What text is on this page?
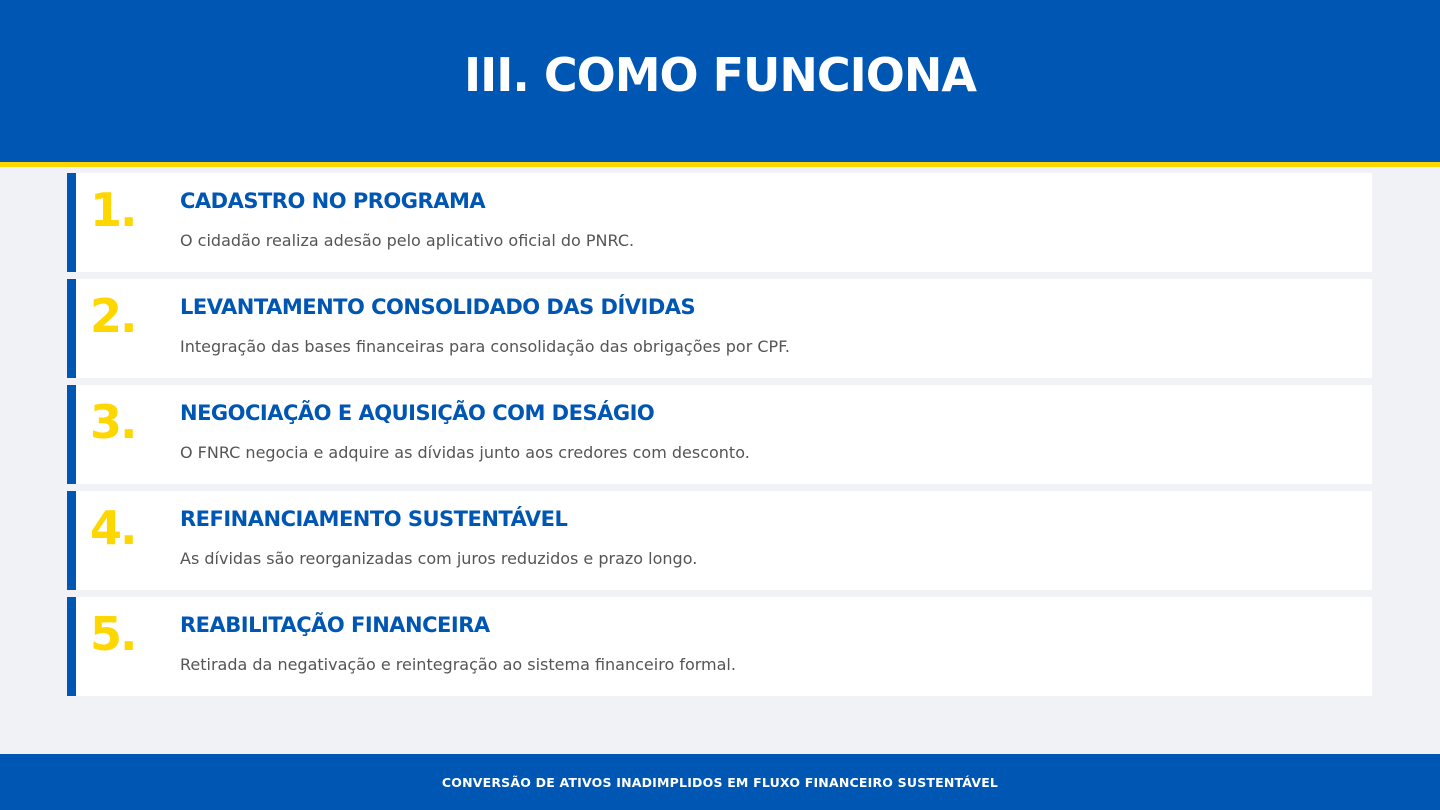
III. COMO FUNCIONA
1. CADASTRO NO PROGRAMA
O cidadão realiza adesão pelo aplicativo oficial do PNRC.
2. LEVANTAMENTO CONSOLIDADO DAS DÍVIDAS
Integração das bases financeiras para consolidação das obrigações por CPF.
3. NEGOCIAÇÃO E AQUISIÇÃO COM DESÁGIO
O FNRC negocia e adquire as dívidas junto aos credores com desconto.
4. REFINANCIAMENTO SUSTENTÁVEL
As dívidas são reorganizadas com juros reduzidos e prazo longo.
5. REABILITAÇÃO FINANCEIRA
Retirada da negativação e reintegração ao sistema financeiro formal.
CONVERSÃO DE ATIVOS INADIMPLIDOS EM FLUXO FINANCEIRO SUSTENTÁVEL
